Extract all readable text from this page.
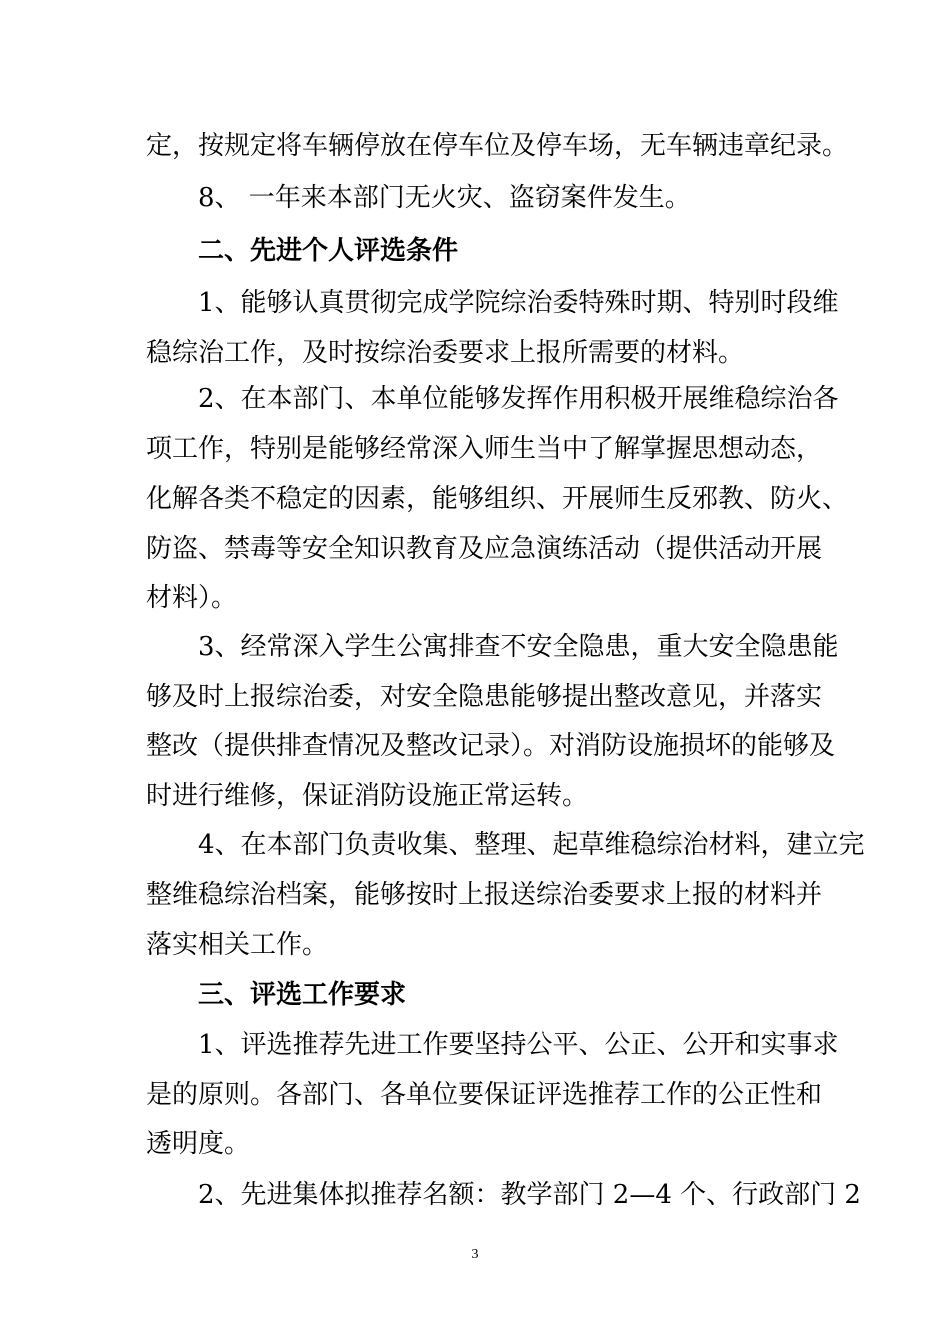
定，按规定将车辆停放在停车位及停车场，无车辆违章纪录。
8、 一年来本部门无火灾、盗窃案件发生。
二、先进个人评选条件
1、能够认真贯彻完成学院综治委特殊时期、特别时段维
稳综治工作，及时按综治委要求上报所需要的材料。
2、在本部门、本单位能够发挥作用积极开展维稳综治各
项工作，特别是能够经常深入师生当中了解掌握思想动态，
化解各类不稳定的因素，能够组织、开展师生反邪教、防火、
防盗、禁毒等安全知识教育及应急演练活动（提供活动开展
材料）。
3、经常深入学生公寓排查不安全隐患，重大安全隐患能
够及时上报综治委，对安全隐患能够提出整改意见，并落实
整改（提供排查情况及整改记录）。对消防设施损坏的能够及
时进行维修，保证消防设施正常运转。
4、在本部门负责收集、整理、起草维稳综治材料，建立完
整维稳综治档案，能够按时上报送综治委要求上报的材料并
落实相关工作。
三、评选工作要求
1、评选推荐先进工作要坚持公平、公正、公开和实事求
是的原则。各部门、各单位要保证评选推荐工作的公正性和
透明度。
2、先进集体拟推荐名额：教学部门 2—4 个、行政部门 2
3
